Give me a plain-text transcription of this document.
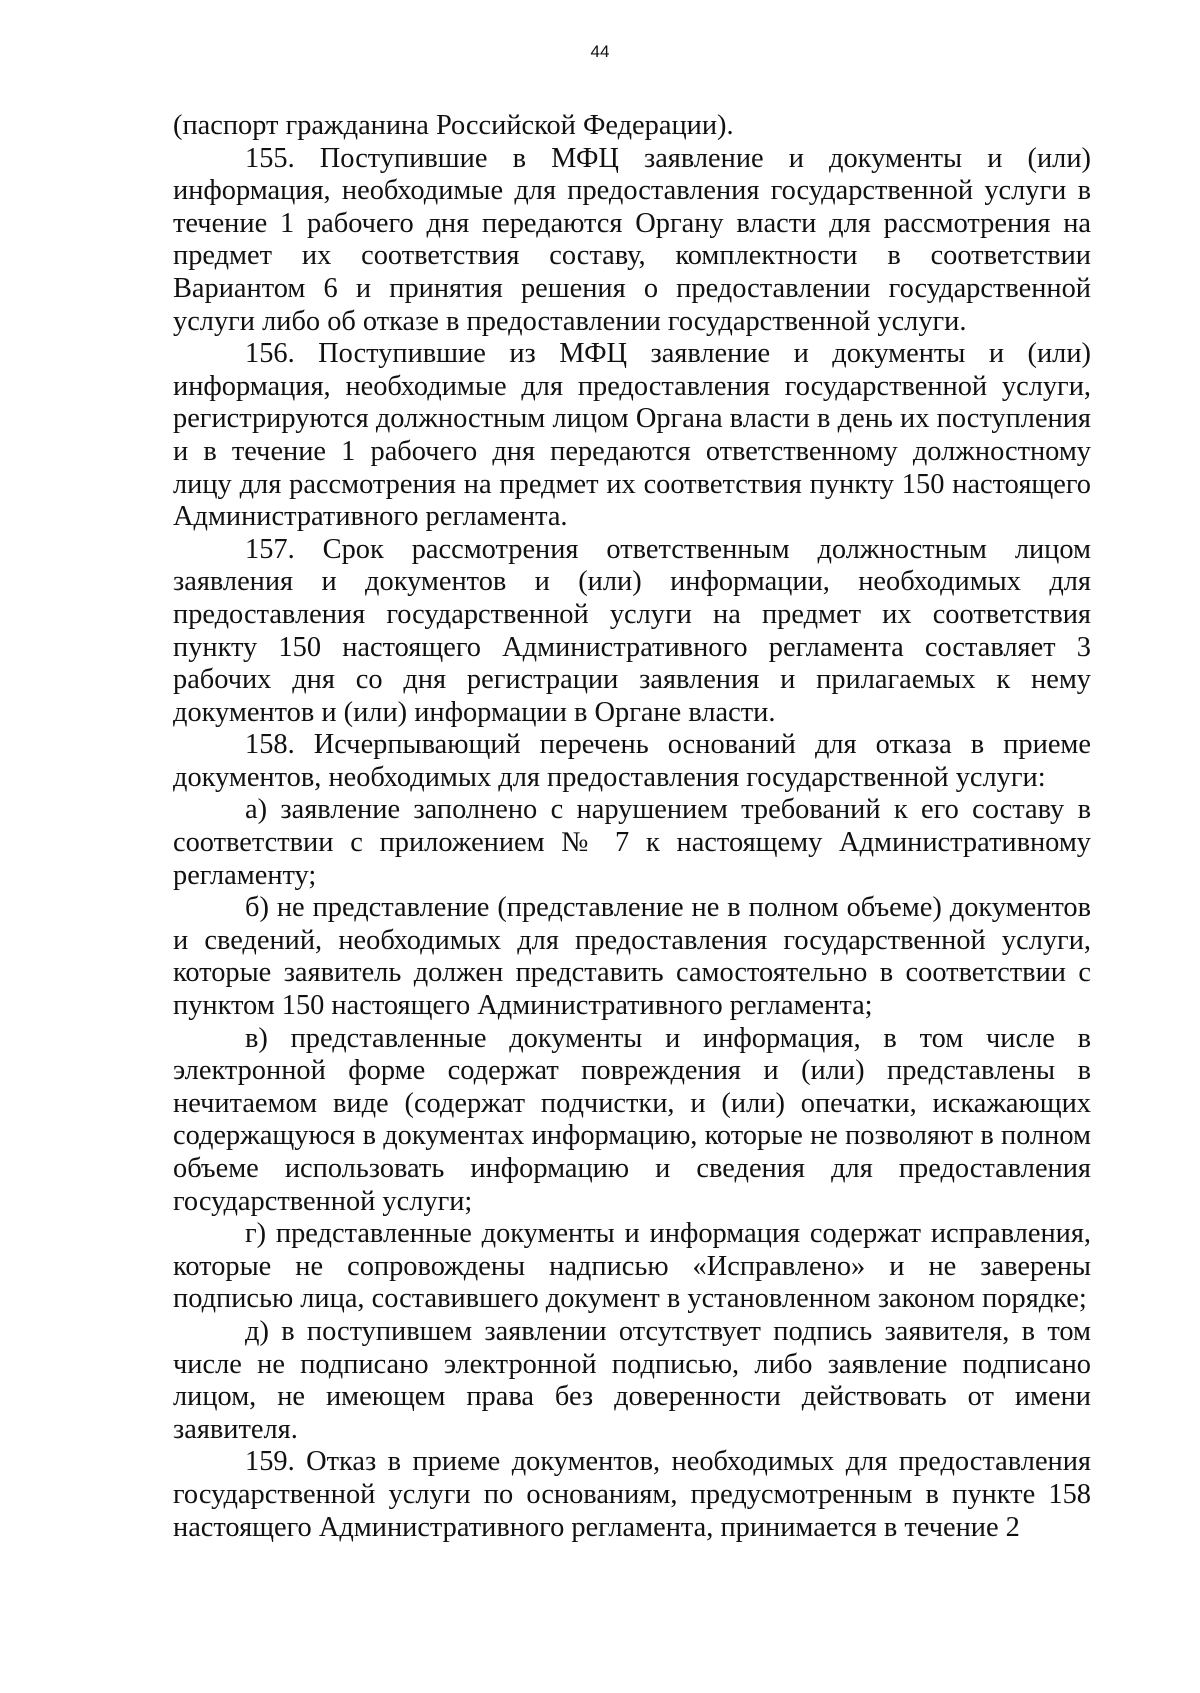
44

(паспорт гражданина Российской Федерации).

155. Поступившие в МФЦ заявление и документы и (или) информация, необходимые для предоставления государственной услуги в течение 1 рабочего дня передаются Органу власти для рассмотрения на предмет их соответствия составу, комплектности в соответствии Вариантом 6 и принятия решения о предоставлении государственной услуги либо об отказе в предоставлении государственной услуги.

156. Поступившие из МФЦ заявление и документы и (или) информация, необходимые для предоставления государственной услуги, регистрируются должностным лицом Органа власти в день их поступления и в течение 1 рабочего дня передаются ответственному должностному лицу для рассмотрения на предмет их соответствия пункту 150 настоящего Административного регламента.

157. Срок рассмотрения ответственным должностным лицом заявления и документов и (или) информации, необходимых для предоставления государственной услуги на предмет их соответствия пункту 150 настоящего Административного регламента составляет 3 рабочих дня со дня регистрации заявления и прилагаемых к нему документов и (или) информации в Органе власти.

158. Исчерпывающий перечень оснований для отказа в приеме документов, необходимых для предоставления государственной услуги:

а) заявление заполнено с нарушением требований к его составу в соответствии с приложением № 7 к настоящему Административному регламенту;

б) не представление (представление не в полном объеме) документов и сведений, необходимых для предоставления государственной услуги, которые заявитель должен представить самостоятельно в соответствии с пунктом 150 настоящего Административного регламента;

в) представленные документы и информация, в том числе в электронной форме содержат повреждения и (или) представлены в нечитаемом виде (содержат подчистки, и (или) опечатки, искажающих содержащуюся в документах информацию, которые не позволяют в полном объеме использовать информацию и сведения для предоставления государственной услуги;

г) представленные документы и информация содержат исправления, которые не сопровождены надписью «Исправлено» и не заверены подписью лица, составившего документ в установленном законом порядке;

д) в поступившем заявлении отсутствует подпись заявителя, в том числе не подписано электронной подписью, либо заявление подписано лицом, не имеющем права без доверенности действовать от имени заявителя.

159. Отказ в приеме документов, необходимых для предоставления государственной услуги по основаниям, предусмотренным в пункте 158 настоящего Административного регламента, принимается в течение 2
